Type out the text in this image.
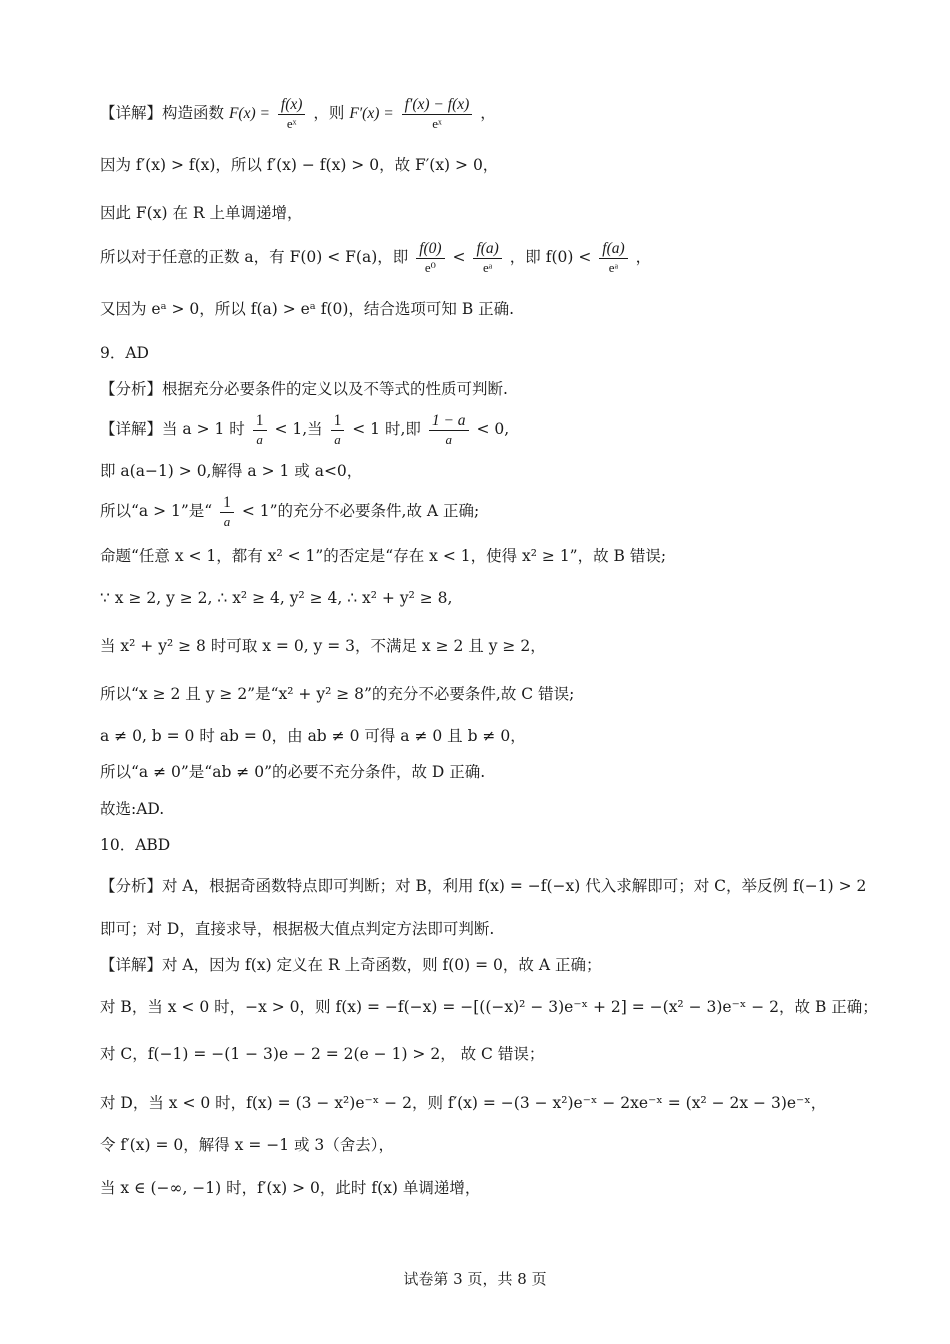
【详解】构造函数 $F(x) = \frac{f(x)}{\text{eˣ}}$ ，则 $F'(x) = \frac{f'(x) - f(x)}{\text{eˣ}}$ ，
因为 f′(x) > f(x)，所以 f′(x) − f(x) > 0，故 F′(x) > 0，
因此 F(x) 在 R 上单调递增，
所以对于任意的正数 a，有 F(0) < F(a)，即 $\frac{f(0)}{\text{e⁰}} < \frac{f(a)}{\text{eᵃ}}$ ，即 $f(0) < \frac{f(a)}{\text{eᵃ}}$ ，
又因为 eᵃ > 0，所以 f(a) > eᵃ f(0)，结合选项可知 B 正确.
9．AD
【分析】根据充分必要条件的定义以及不等式的性质可判断.
【详解】当 a > 1 时 $\frac{1}{a} < 1$,当 $\frac{1}{a} < 1$ 时,即 $\frac{1 - a}{a} < 0$,
即 a(a−1) > 0,解得 a > 1 或 a<0，
所以“a > 1”是“ $\frac{1}{a} < 1$”的充分不必要条件,故 A 正确;
命题“任意 x < 1，都有 x² < 1”的否定是“存在 x < 1，使得 x² ≥ 1”，故 B 错误;
∵ x ≥ 2, y ≥ 2, ∴ x² ≥ 4, y² ≥ 4, ∴ x² + y² ≥ 8,
当 x² + y² ≥ 8 时可取 x = 0, y = 3，不满足 x ≥ 2 且 y ≥ 2，
所以“x ≥ 2 且 y ≥ 2”是“x² + y² ≥ 8”的充分不必要条件,故 C 错误;
a ≠ 0, b = 0 时 ab = 0，由 ab ≠ 0 可得 a ≠ 0 且 b ≠ 0，
所以“a ≠ 0”是“ab ≠ 0”的必要不充分条件，故 D 正确.
故选:AD.
10．ABD
【分析】对 A，根据奇函数特点即可判断；对 B，利用 f(x) = −f(−x) 代入求解即可；对 C，举反例 f(−1) > 2
即可；对 D，直接求导，根据极大值点判定方法即可判断.
【详解】对 A，因为 f(x) 定义在 R 上奇函数，则 f(0) = 0，故 A 正确；
对 B，当 x < 0 时，−x > 0，则 f(x) = −f(−x) = −[((−x)² − 3)e⁻ˣ + 2] = −(x² − 3)e⁻ˣ − 2，故 B 正确；
对 C，f(−1) = −(1 − 3)e − 2 = 2(e − 1) > 2， 故 C 错误；
对 D，当 x < 0 时，f(x) = (3 − x²)e⁻ˣ − 2，则 f′(x) = −(3 − x²)e⁻ˣ − 2xe⁻ˣ = (x² − 2x − 3)e⁻ˣ，
令 f′(x) = 0，解得 x = −1 或 3（舍去），
当 x ∈ (−∞, −1) 时，f′(x) > 0，此时 f(x) 单调递增，
试卷第 3 页，共 8 页
